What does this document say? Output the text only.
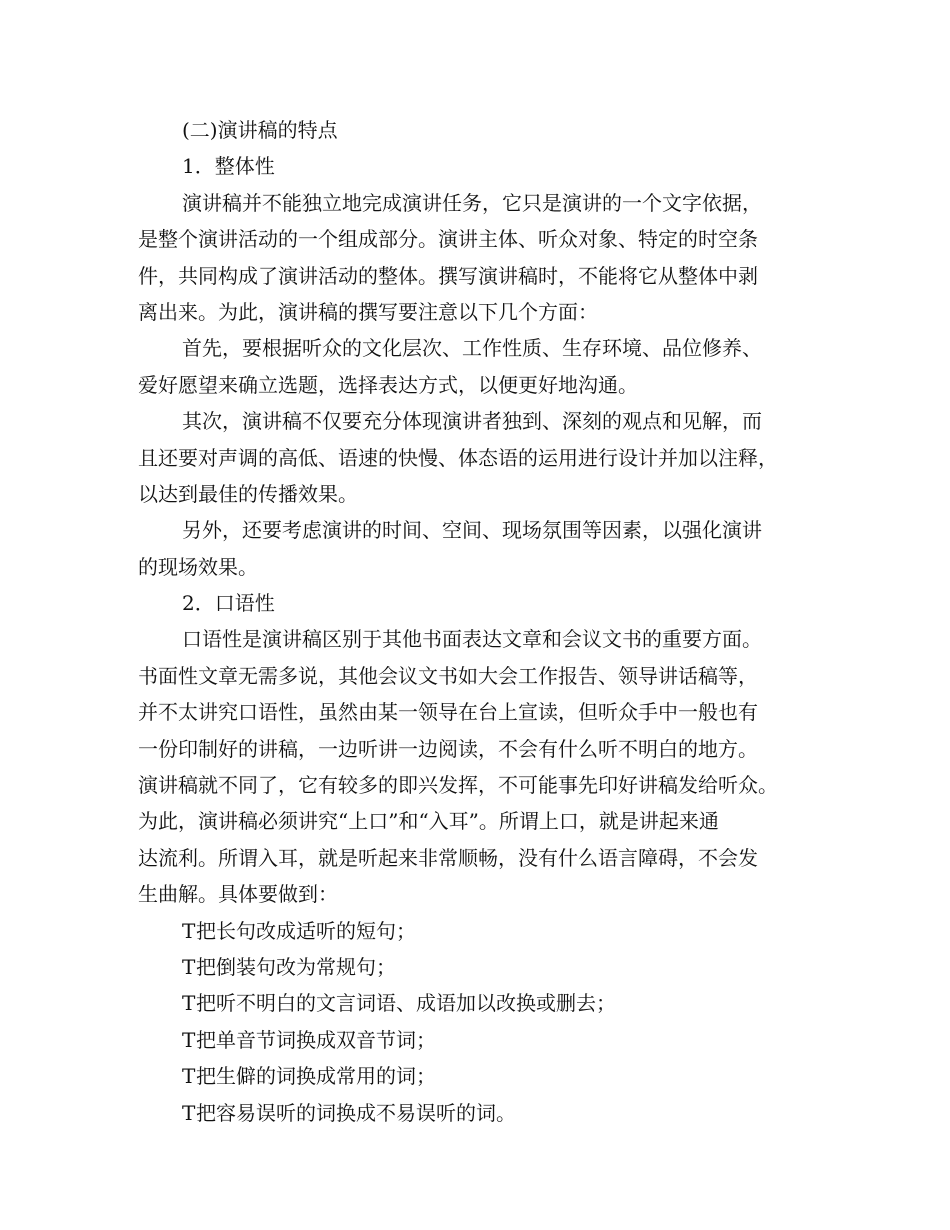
(二)演讲稿的特点
1．整体性
演讲稿并不能独立地完成演讲任务，它只是演讲的一个文字依据，
是整个演讲活动的一个组成部分。演讲主体、听众对象、特定的时空条
件，共同构成了演讲活动的整体。撰写演讲稿时，不能将它从整体中剥
离出来。为此，演讲稿的撰写要注意以下几个方面：
首先，要根据听众的文化层次、工作性质、生存环境、品位修养、
爱好愿望来确立选题，选择表达方式，以便更好地沟通。
其次，演讲稿不仅要充分体现演讲者独到、深刻的观点和见解，而
且还要对声调的高低、语速的快慢、体态语的运用进行设计并加以注释，
以达到最佳的传播效果。
另外，还要考虑演讲的时间、空间、现场氛围等因素，以强化演讲
的现场效果。
2．口语性
口语性是演讲稿区别于其他书面表达文章和会议文书的重要方面。
书面性文章无需多说，其他会议文书如大会工作报告、领导讲话稿等，
并不太讲究口语性，虽然由某一领导在台上宣读，但听众手中一般也有
一份印制好的讲稿，一边听讲一边阅读，不会有什么听不明白的地方。
演讲稿就不同了，它有较多的即兴发挥，不可能事先印好讲稿发给听众。
为此，演讲稿必须讲究“上口”和“入耳”。所谓上口，就是讲起来通
达流利。所谓入耳，就是听起来非常顺畅，没有什么语言障碍，不会发
生曲解。具体要做到：
T把长句改成适听的短句；
T把倒装句改为常规句；
T把听不明白的文言词语、成语加以改换或删去；
T把单音节词换成双音节词；
T把生僻的词换成常用的词；
T把容易误听的词换成不易误听的词。
